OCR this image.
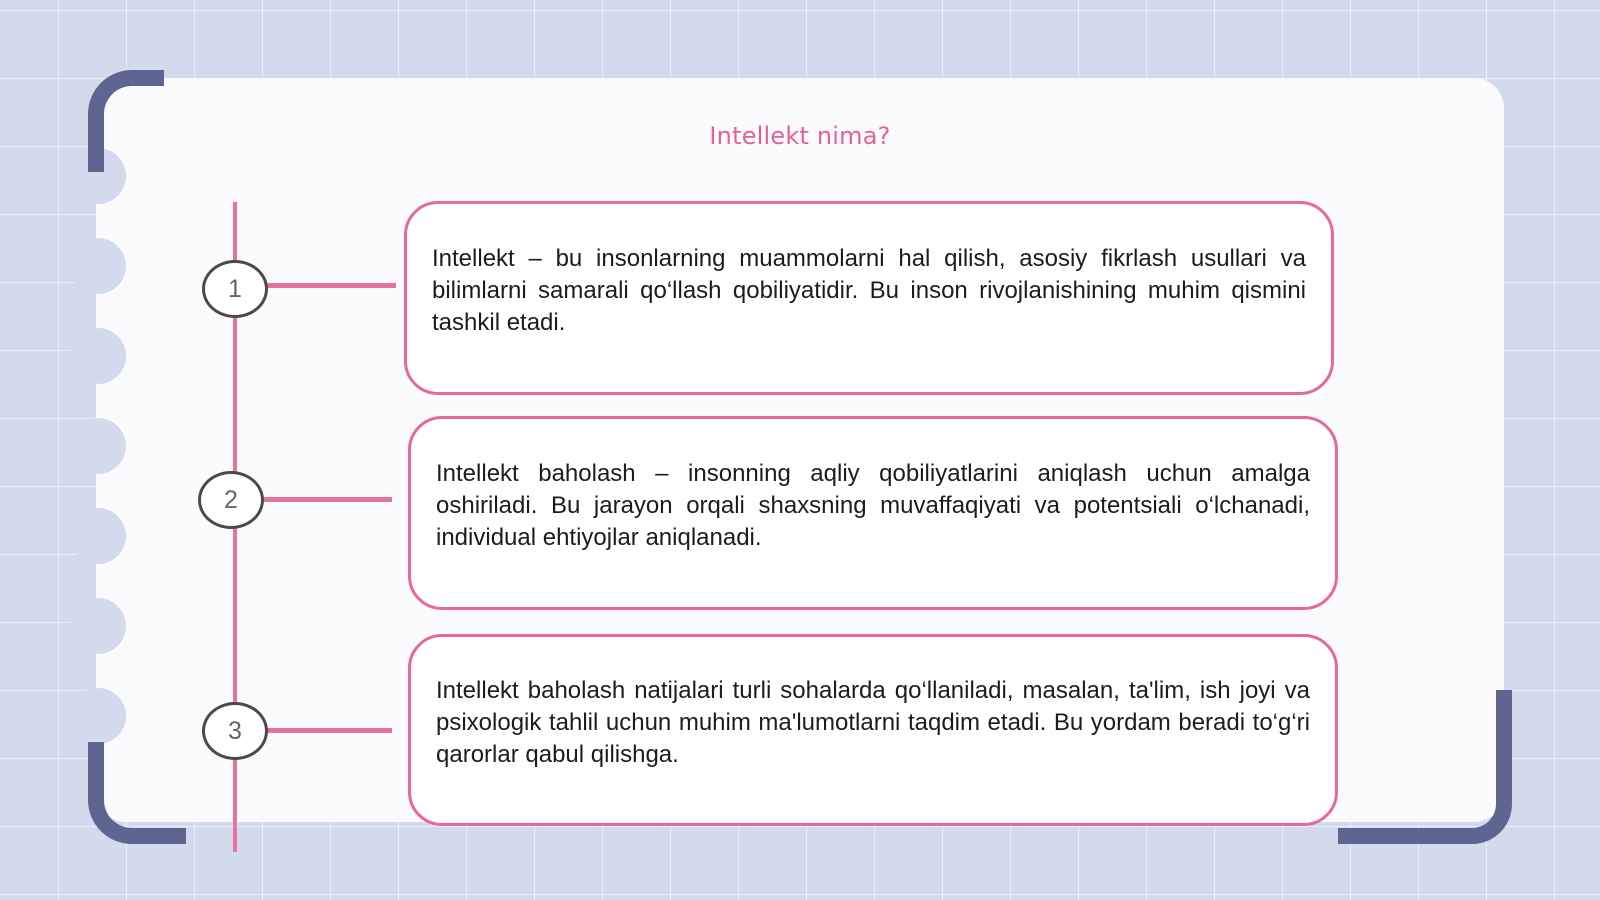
Intellekt nima?
1

Intellekt – bu insonlarning muammolarni hal qilish, asosiy fikrlash usullari va bilimlarni samarali qo‘llash qobiliyatidir. Bu inson rivojlanishining muhim qismini tashkil etadi.

2

Intellekt baholash – insonning aqliy qobiliyatlarini aniqlash uchun amalga oshiriladi. Bu jarayon orqali shaxsning muvaffaqiyati va potentsiali o‘lchanadi, individual ehtiyojlar aniqlanadi.

3

Intellekt baholash natijalari turli sohalarda qo‘llaniladi, masalan, ta'lim, ish joyi va psixologik tahlil uchun muhim ma'lumotlarni taqdim etadi. Bu yordam beradi to‘g‘ri qarorlar qabul qilishga.
